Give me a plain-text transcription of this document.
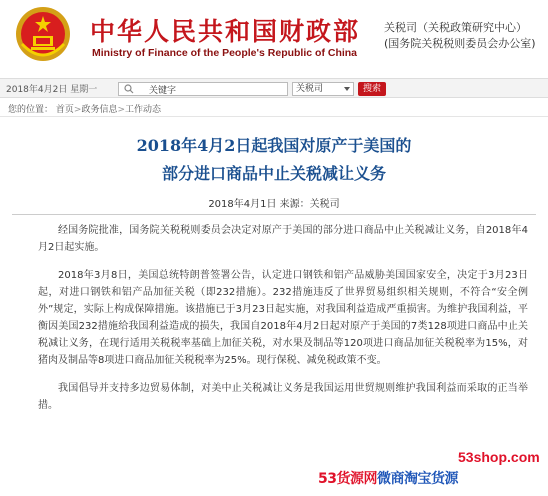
中华人民共和国财政部
Ministry of Finance of the People's Republic of China
关税司（关税政策研究中心）
(国务院关税税则委员会办公室)
2018年4月2日 星期一
关键字	关税司	搜索
您的位置： 首页>政务信息>工作动态
2018年4月2日起我国对原产于美国的
部分进口商品中止关税减让义务
2018年4月1日 来源：关税司

经国务院批准，国务院关税税则委员会决定对原产于美国的部分进口商品中止关税减让义务，自2018年4月2日起实施。

2018年3月8日，美国总统特朗普签署公告，认定进口钢铁和铝产品威胁美国国家安全，决定于3月23日起，对进口钢铁和铝产品加征关税（即232措施）。232措施违反了世界贸易组织相关规则，不符合“安全例外”规定，实际上构成保障措施。该措施已于3月23日起实施，对我国利益造成严重损害。为维护我国利益，平衡因美国232措施给我国利益造成的损失，我国自2018年4月2日起对原产于美国的7类128项进口商品中止关税减让义务，在现行适用关税税率基础上加征关税，对水果及制品等120项进口商品加征关税税率为15%，对猪肉及制品等8项进口商品加征关税税率为25%。现行保税、减免税政策不变。

我国倡导并支持多边贸易体制，对美中止关税减让义务是我国运用世贸规则维护我国利益而采取的正当举措。

53shop.com
53货源网微商淘宝货源
